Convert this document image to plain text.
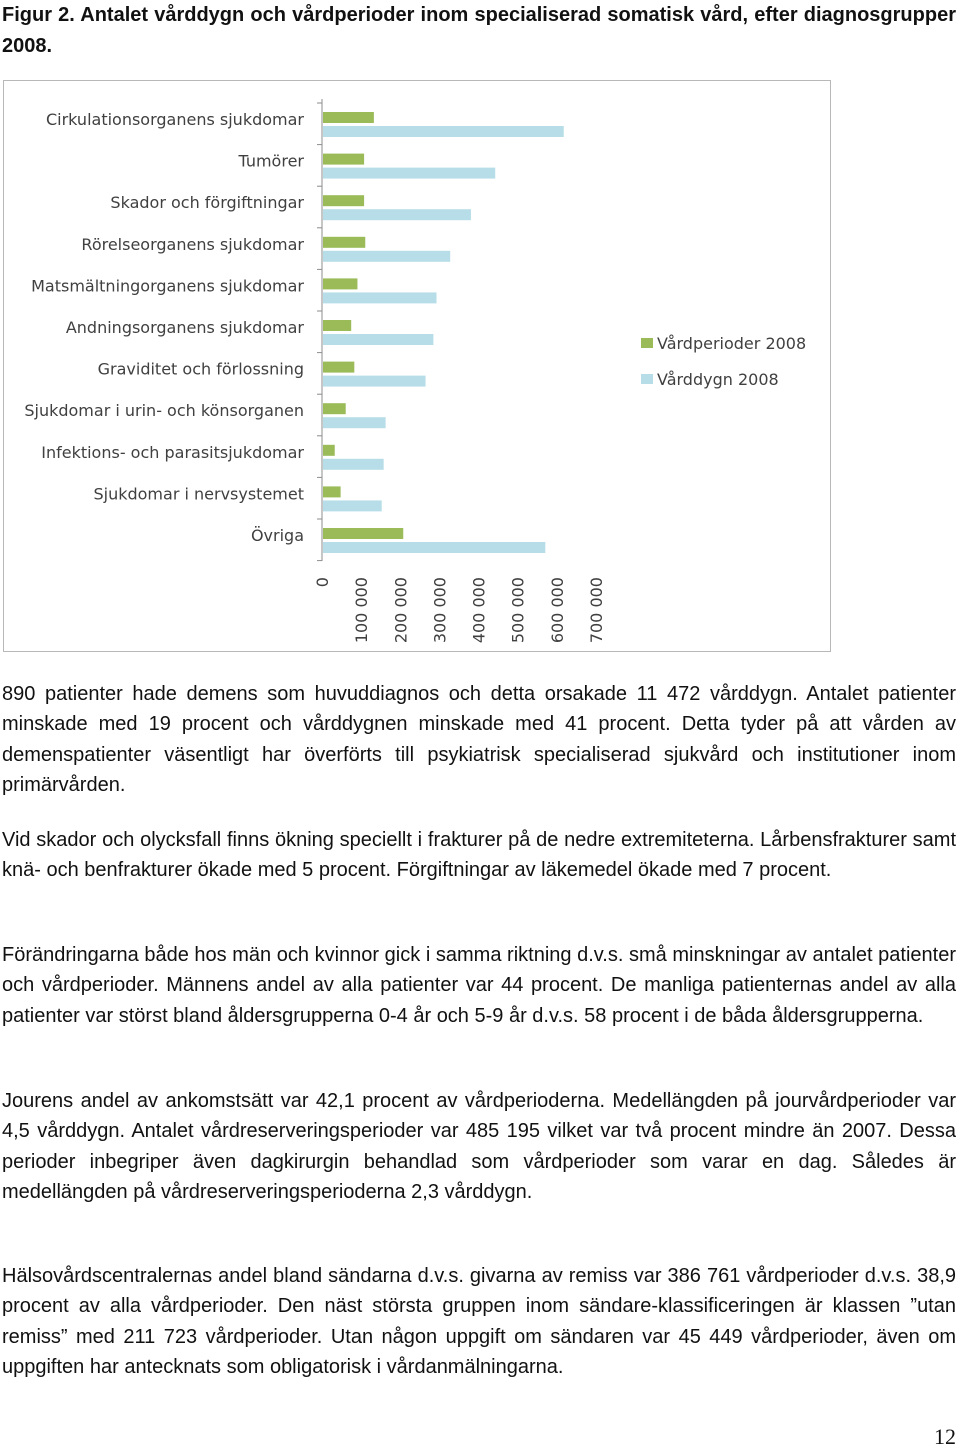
Figur 2. Antalet vårddygn och vårdperioder inom specialiserad somatisk vård, efter diagnosgrupper 2008.
Cirkulationsorganens sjukdomar
Tumörer
Skador och förgiftningar
Rörelseorganens sjukdomar
Matsmältningorganens sjukdomar
Andningsorganens sjukdomar
Graviditet och förlossning
Sjukdomar i urin- och könsorganen
Infektions- och parasitsjukdomar
Sjukdomar i nervsystemet
Övriga
0 100 000 200 000 300 000 400 000 500 000 600 000 700 000
Vårdperioder 2008
Vårddygn 2008

890 patienter hade demens som huvuddiagnos och detta orsakade 11 472 vårddygn. Antalet patienter minskade med 19 procent och vårddygnen minskade med 41 procent. Detta tyder på att vården av demenspatienter väsentligt har överförts till psykiatrisk specialiserad sjukvård och institutioner inom primärvården.

Vid skador och olycksfall finns ökning speciellt i frakturer på de nedre extremiteterna. Lårbensfrakturer samt knä- och benfrakturer ökade med 5 procent. Förgiftningar av läkemedel ökade med 7 procent.

Förändringarna både hos män och kvinnor gick i samma riktning d.v.s. små minskningar av antalet patienter och vårdperioder. Männens andel av alla patienter var 44 procent. De manliga patienternas andel av alla patienter var störst bland åldersgrupperna 0-4 år och 5-9 år d.v.s. 58 procent i de båda åldersgrupperna.

Jourens andel av ankomstsätt var 42,1 procent av vårdperioderna. Medellängden på jourvårdperioder var 4,5 vårddygn. Antalet vårdreserveringsperioder var 485 195 vilket var två procent mindre än 2007. Dessa perioder inbegriper även dagkirurgin behandlad som vårdperioder som varar en dag. Således är medellängden på vårdreserveringsperioderna 2,3 vårddygn.

Hälsovårdscentralernas andel bland sändarna d.v.s. givarna av remiss var 386 761 vårdperioder d.v.s. 38,9 procent av alla vårdperioder. Den näst största gruppen inom sändare-klassificeringen är klassen ”utan remiss” med 211 723 vårdperioder. Utan någon uppgift om sändaren var 45 449 vårdperioder, även om uppgiften har antecknats som obligatorisk i vårdanmälningarna.

12
